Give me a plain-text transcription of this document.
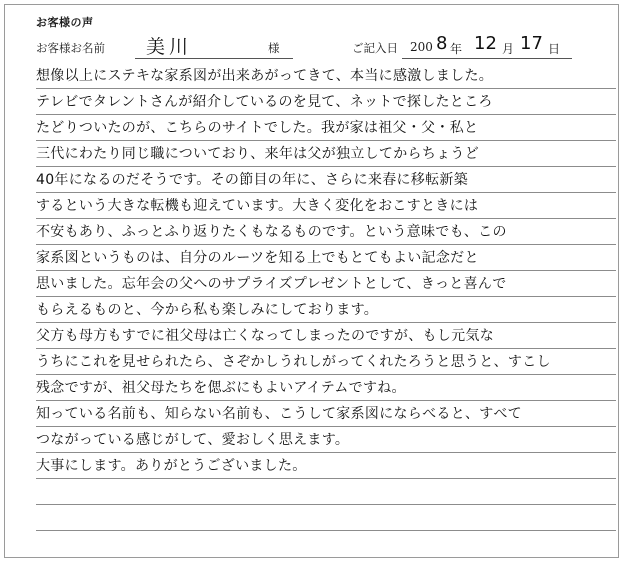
お客様の声
お客様お名前 美川	様	ご記入日 200 8 年 12 月 17 日
想像以上にステキな家系図が出来あがってきて、本当に感激しました。
テレビでタレントさんが紹介しているのを見て、ネットで探したところ
たどりついたのが、こちらのサイトでした。我が家は祖父・父・私と
三代にわたり同じ職についており、来年は父が独立してからちょうど
40年になるのだそうです。その節目の年に、さらに来春に移転新築
するという大きな転機も迎えています。大きく変化をおこすときには
不安もあり、ふっとふり返りたくもなるものです。という意味でも、この
家系図というものは、自分のルーツを知る上でもとてもよい記念だと
思いました。忘年会の父へのサプライズプレゼントとして、きっと喜んで
もらえるものと、今から私も楽しみにしております。
父方も母方もすでに祖父母は亡くなってしまったのですが、もし元気な
うちにこれを見せられたら、さぞかしうれしがってくれたろうと思うと、すこし
残念ですが、祖父母たちを偲ぶにもよいアイテムですね。
知っている名前も、知らない名前も、こうして家系図にならべると、すべて
つながっている感じがして、愛おしく思えます。
大事にします。ありがとうございました。
